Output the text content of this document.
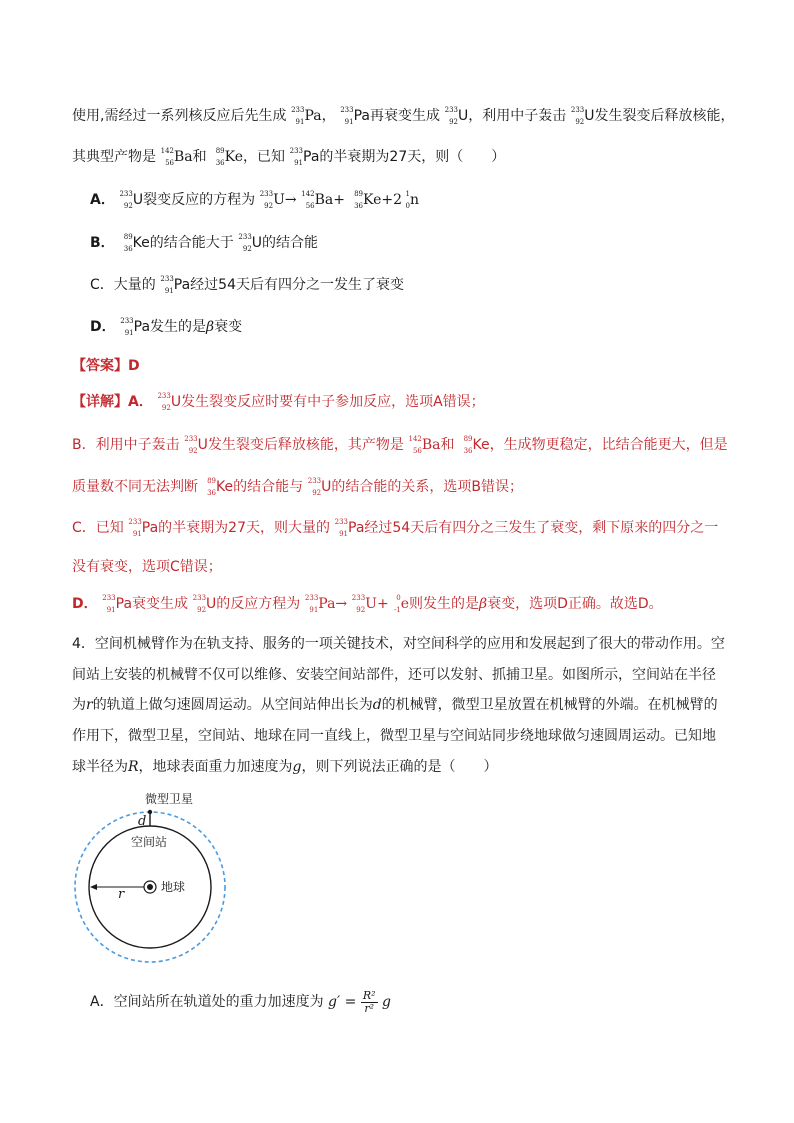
使用,需经过一系列核反应后先生成 233
91 Pa， 233
91 Pa再衰变生成 233
92 U，利用中子轰击 233
92 U发生裂变后释放核能，
其典型产物是 142
56 Ba和 89
36 Ke，已知 233
91 Pa的半衰期为27天，则（　　）
A． 233
92 U裂变反应的方程为 233
92 U→ 142
56 Ba+ 89
36 Ke+2 1
0 n
B． 89
36 Ke的结合能大于 233
92 U的结合能
C．大量的 233
91 Pa经过54天后有四分之一发生了衰变
D． 233
91 Pa发生的是β衰变
【答案】D
【详解】A． 233
92 U发生裂变反应时要有中子参加反应，选项A错误；
B．利用中子轰击 233
92 U发生裂变后释放核能，其产物是 142
56 Ba和 89
36 Ke，生成物更稳定，比结合能更大，但是
质量数不同无法判断 89
36 Ke的结合能与 233
92 U的结合能的关系，选项B错误；
C．已知 233
91 Pa的半衰期为27天，则大量的 233
91 Pa经过54天后有四分之三发生了衰变，剩下原来的四分之一
没有衰变，选项C错误；
D． 233
91 Pa衰变生成 233
92 U的反应方程为 233
91 Pa→ 233
92 U+ 0
-1 e则发生的是β衰变，选项D正确。故选D。
4．空间机械臂作为在轨支持、服务的一项关键技术，对空间科学的应用和发展起到了很大的带动作用。空
间站上安装的机械臂不仅可以维修、安装空间站部件，还可以发射、抓捕卫星。如图所示，空间站在半径
为r的轨道上做匀速圆周运动。从空间站伸出长为d的机械臂，微型卫星放置在机械臂的外端。在机械臂的
作用下，微型卫星，空间站、地球在同一直线上，微型卫星与空间站同步绕地球做匀速圆周运动。已知地
球半径为R，地球表面重力加速度为g，则下列说法正确的是（　　）
微型卫星
d
空间站
r	地球
A．空间站所在轨道处的重力加速度为 $g' = \frac{\text{R²}}{\text{r²}}$ g
